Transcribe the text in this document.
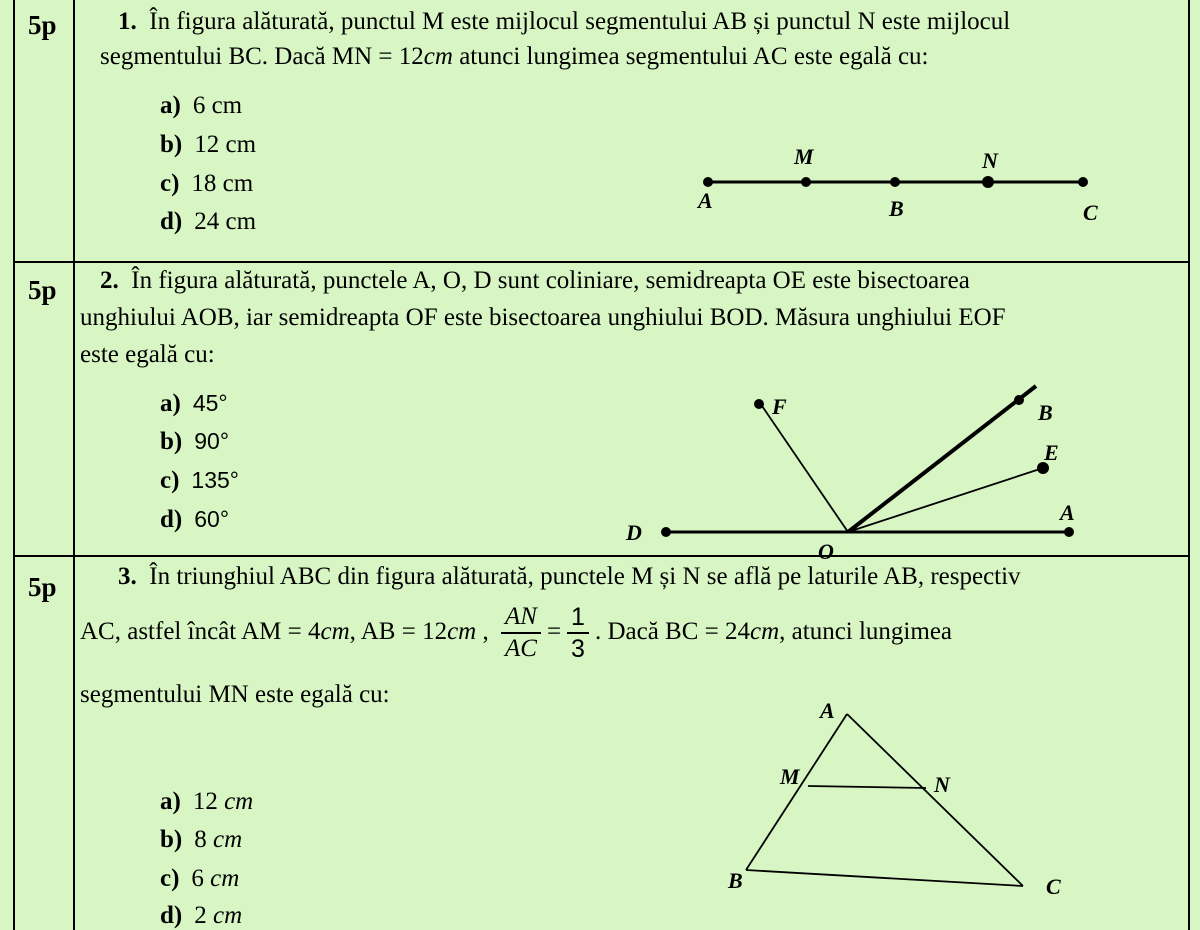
5p 1. În figura alăturată, punctul M este mijlocul segmentului AB și punctul N este mijlocul
segmentului BC. Dacă MN = 12cm atunci lungimea segmentului AC este egală cu:
a) 6 cm
b) 12 cm
c) 18 cm
d) 24 cm
A
M
B
N
C
5p 2. În figura alăturată, punctele A, O, D sunt coliniare, semidreapta OE este bisectoarea
unghiului AOB, iar semidreapta OF este bisectoarea unghiului BOD. Măsura unghiului EOF
este egală cu:
a) 45°
b) 90°
c) 135°
d) 60°
F	B
E
A
D
O
5p 3. În triunghiul ABC din figura alăturată, punctele M și N se află pe laturile AB, respectiv
AC, astfel încât AM = 4cm, AB = 12cm , $\frac{AN}{AC} = \frac{1}{3}$ . Dacă BC = 24cm, atunci lungimea
segmentului MN este egală cu:
a) 12 cm
b) 8 cm
c) 6 cm
d) 2 cm
A
M	N
B	C
